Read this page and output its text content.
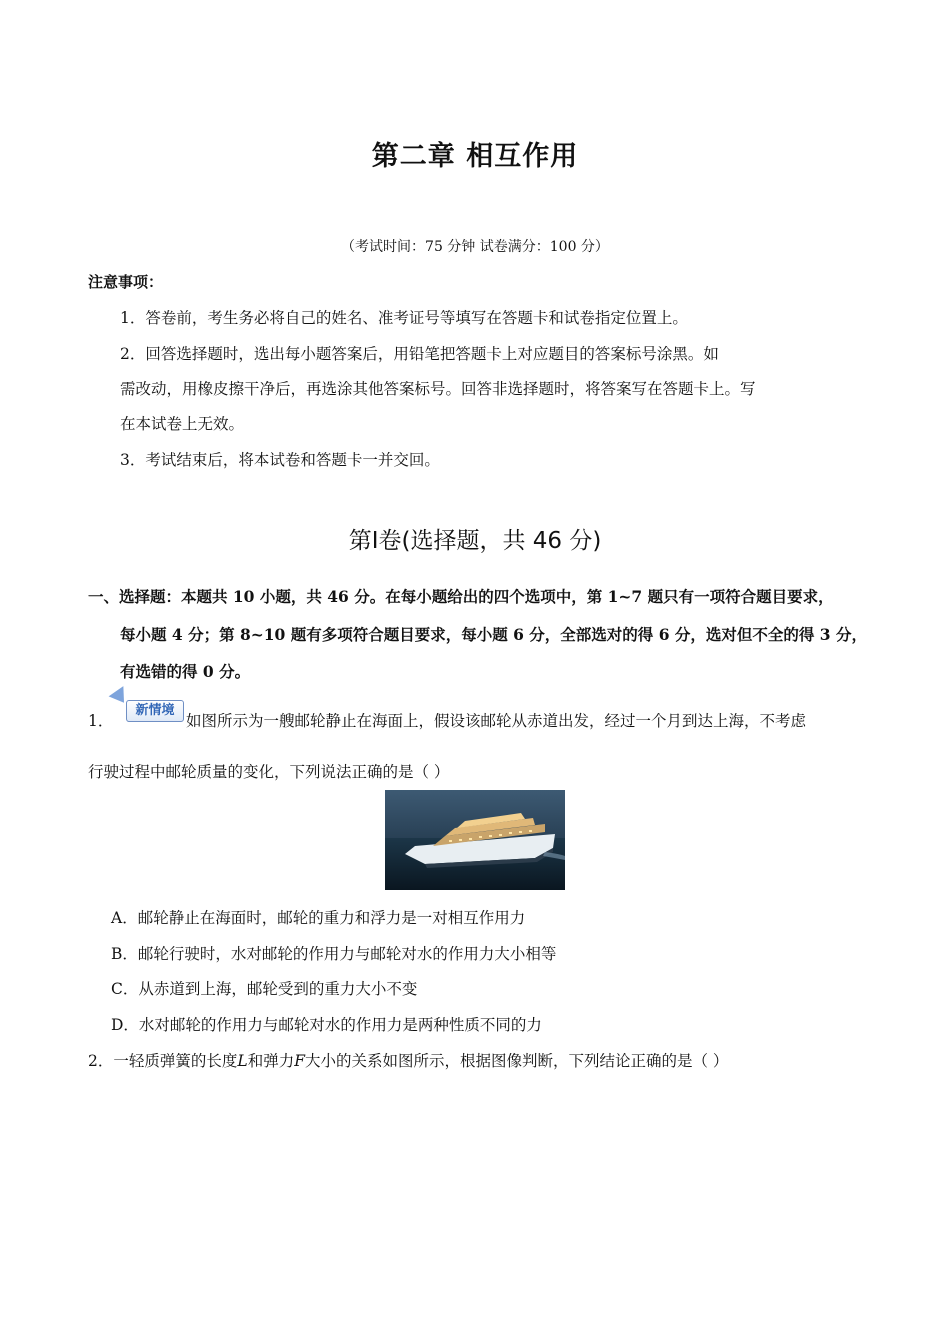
第二章 相互作用
（考试时间：75 分钟 试卷满分：100 分）
注意事项：
1．答卷前，考生务必将自己的姓名、准考证号等填写在答题卡和试卷指定位置上。
2．回答选择题时，选出每小题答案后，用铅笔把答题卡上对应题目的答案标号涂黑。如
需改动，用橡皮擦干净后，再选涂其他答案标号。回答非选择题时，将答案写在答题卡上。写
在本试卷上无效。
3．考试结束后，将本试卷和答题卡一并交回。
第Ⅰ卷(选择题，共 46 分)
一、选择题：本题共 10 小题，共 46 分。在每小题给出的四个选项中，第 1~7 题只有一项符合题目要求，
每小题 4 分；第 8~10 题有多项符合题目要求，每小题 6 分，全部选对的得 6 分，选对但不全的得 3 分，
有选错的得 0 分。
1．
新情境
如图所示为一艘邮轮静止在海面上，假设该邮轮从赤道出发，经过一个月到达上海，不考虑
行驶过程中邮轮质量的变化，下列说法正确的是（ ）
A．邮轮静止在海面时，邮轮的重力和浮力是一对相互作用力
B．邮轮行驶时，水对邮轮的作用力与邮轮对水的作用力大小相等
C．从赤道到上海，邮轮受到的重力大小不变
D．水对邮轮的作用力与邮轮对水的作用力是两种性质不同的力
2．一轻质弹簧的长度L和弹力F大小的关系如图所示，根据图像判断，下列结论正确的是（ ）
